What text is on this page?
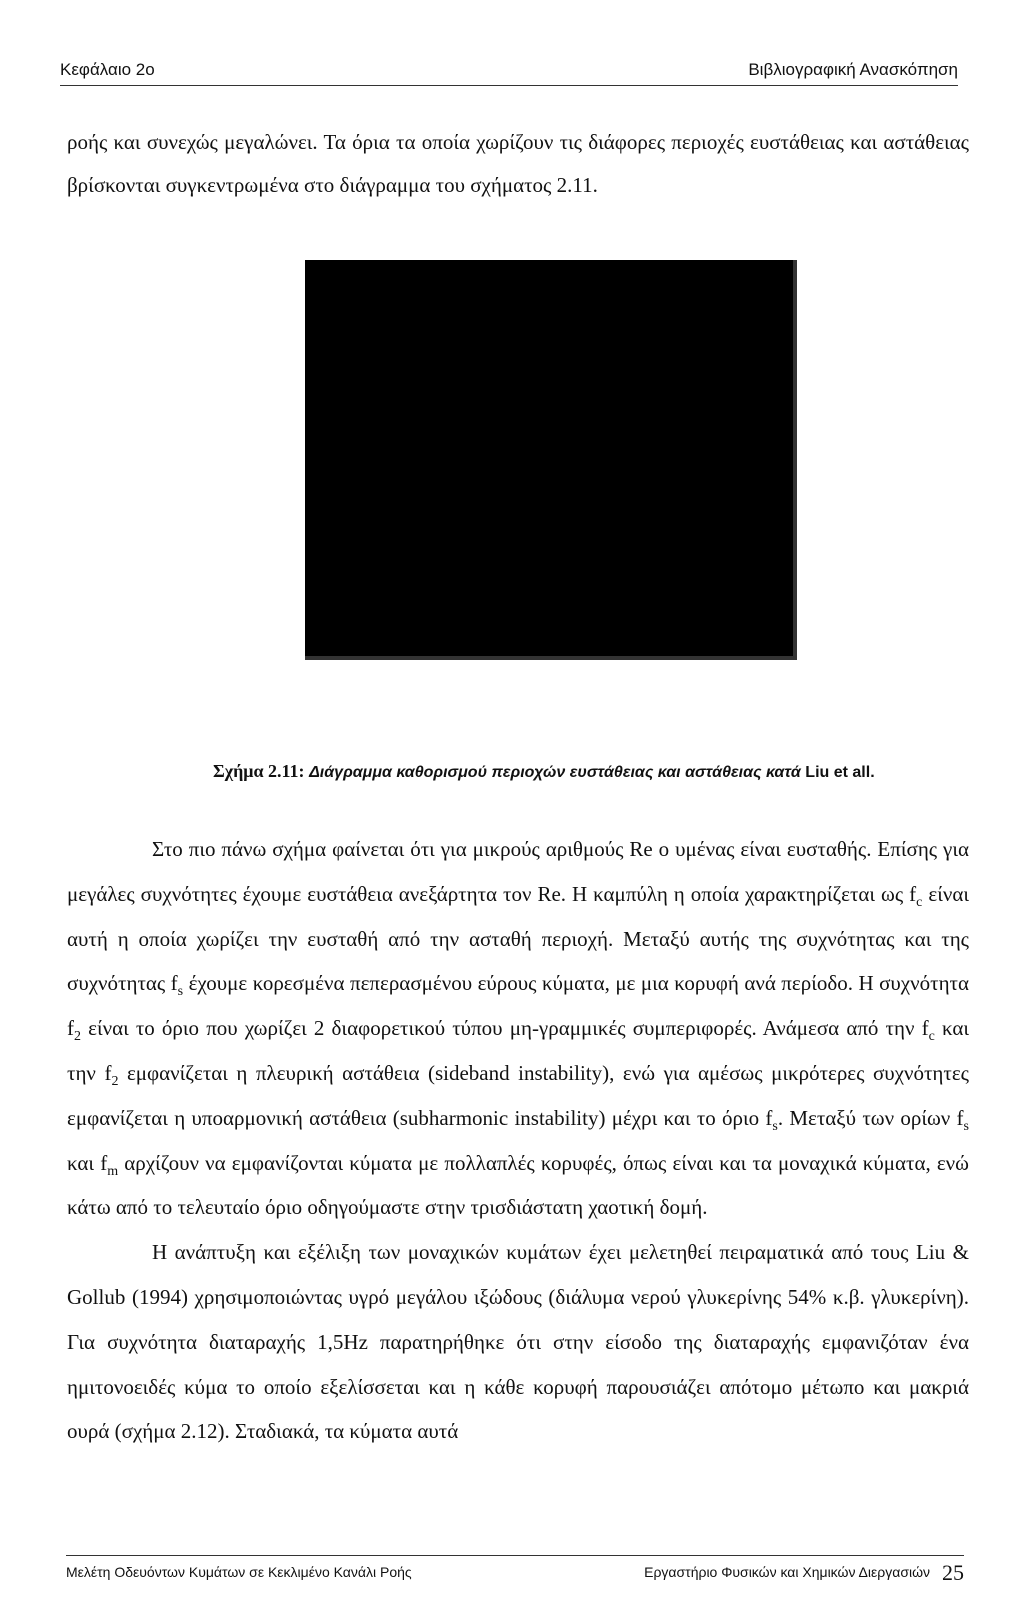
Κεφάλαιο 2ο	Βιβλιογραφική Ανασκόπηση
ροής και συνεχώς μεγαλώνει. Τα όρια τα οποία χωρίζουν τις διάφορες περιοχές ευστάθειας και αστάθειας βρίσκονται συγκεντρωμένα στο διάγραμμα του σχήματος 2.11.
Σχήμα 2.11: Διάγραμμα καθορισμού περιοχών ευστάθειας και αστάθειας κατά Liu et all.

Στο πιο πάνω σχήμα φαίνεται ότι για μικρούς αριθμούς Re ο υμένας είναι ευσταθής. Επίσης για μεγάλες συχνότητες έχουμε ευστάθεια ανεξάρτητα τον Re. Η καμπύλη η οποία χαρακτηρίζεται ως $f_c$ είναι αυτή η οποία χωρίζει την ευσταθή από την ασταθή περιοχή. Μεταξύ αυτής της συχνότητας και της συχνότητας $f_s$ έχουμε κορεσμένα πεπερασμένου εύρους κύματα, με μια κορυφή ανά περίοδο. Η συχνότητα $f_2$ είναι το όριο που χωρίζει 2 διαφορετικού τύπου μη-γραμμικές συμπεριφορές. Ανάμεσα από την $f_c$ και την $f_2$ εμφανίζεται η πλευρική αστάθεια (sideband instability), ενώ για αμέσως μικρότερες συχνότητες εμφανίζεται η υποαρμονική αστάθεια (subharmonic instability) μέχρι και το όριο $f_s$. Μεταξύ των ορίων $f_s$ και $f_m$ αρχίζουν να εμφανίζονται κύματα με πολλαπλές κορυφές, όπως είναι και τα μοναχικά κύματα, ενώ κάτω από το τελευταίο όριο οδηγούμαστε στην τρισδιάστατη χαοτική δομή.

Η ανάπτυξη και εξέλιξη των μοναχικών κυμάτων έχει μελετηθεί πειραματικά από τους Liu & Gollub (1994) χρησιμοποιώντας υγρό μεγάλου ιξώδους (διάλυμα νερού γλυκερίνης 54% κ.β. γλυκερίνη). Για συχνότητα διαταραχής 1,5Hz παρατηρήθηκε ότι στην είσοδο της διαταραχής εμφανιζόταν ένα ημιτονοειδές κύμα το οποίο εξελίσσεται και η κάθε κορυφή παρουσιάζει απότομο μέτωπο και μακριά ουρά (σχήμα 2.12). Σταδιακά, τα κύματα αυτά

Μελέτη Οδευόντων Κυμάτων σε Κεκλιμένο Κανάλι Ροής	Εργαστήριο Φυσικών και Χημικών Διεργασιών 25
